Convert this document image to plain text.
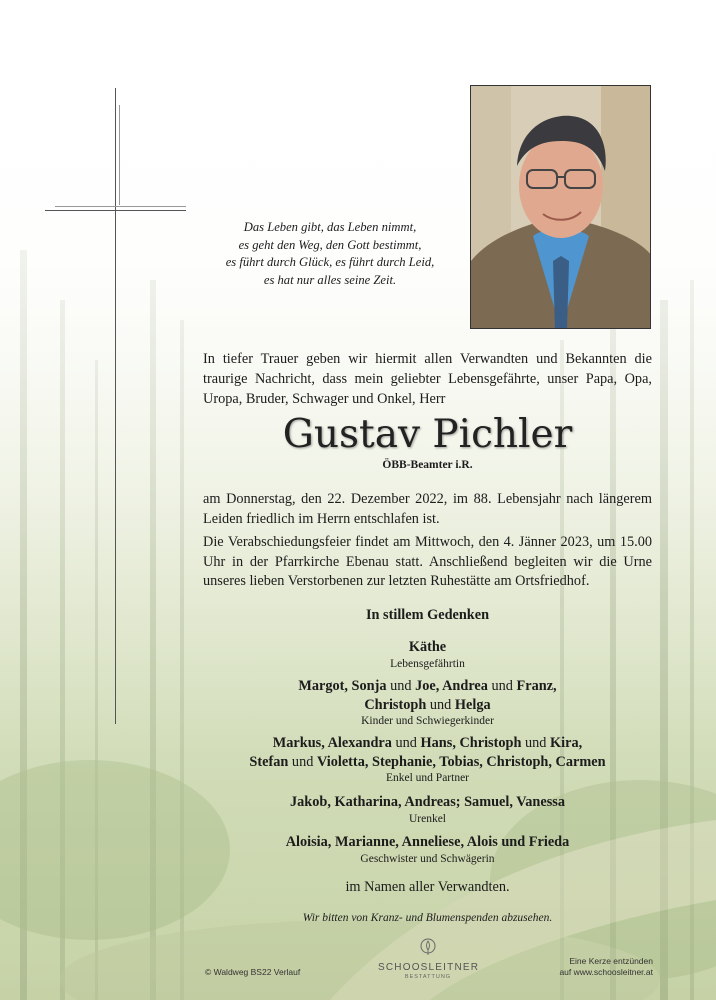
Das Leben gibt, das Leben nimmt,
es geht den Weg, den Gott bestimmt,
es führt durch Glück, es führt durch Leid,
es hat nur alles seine Zeit.
In tiefer Trauer geben wir hiermit allen Verwandten und Bekannten die traurige Nachricht, dass mein geliebter Lebensgefährte, unser Papa, Opa, Uropa, Bruder, Schwager und Onkel, Herr
Gustav Pichler
ÖBB-Beamter i.R.
am Donnerstag, den 22. Dezember 2022, im 88. Lebensjahr nach längerem Leiden friedlich im Herrn entschlafen ist.
Die Verabschiedungsfeier findet am Mittwoch, den 4. Jänner 2023, um 15.00 Uhr in der Pfarrkirche Ebenau statt. Anschließend begleiten wir die Urne unseres lieben Verstorbenen zur letzten Ruhestätte am Ortsfriedhof.
In stillem Gedenken
Käthe
Lebensgefährtin
Margot, Sonja und Joe, Andrea und Franz,
Christoph und Helga
Kinder und Schwiegerkinder
Markus, Alexandra und Hans, Christoph und Kira,
Stefan und Violetta, Stephanie, Tobias, Christoph, Carmen
Enkel und Partner
Jakob, Katharina, Andreas; Samuel, Vanessa
Urenkel
Aloisia, Marianne, Anneliese, Alois und Frieda
Geschwister und Schwägerin
im Namen aller Verwandten.
Wir bitten von Kranz- und Blumenspenden abzusehen.
© Waldweg BS22 Verlauf	SCHOOSLEITNER
BESTATTUNG
Eine Kerze entzünden
auf www.schoosleitner.at
